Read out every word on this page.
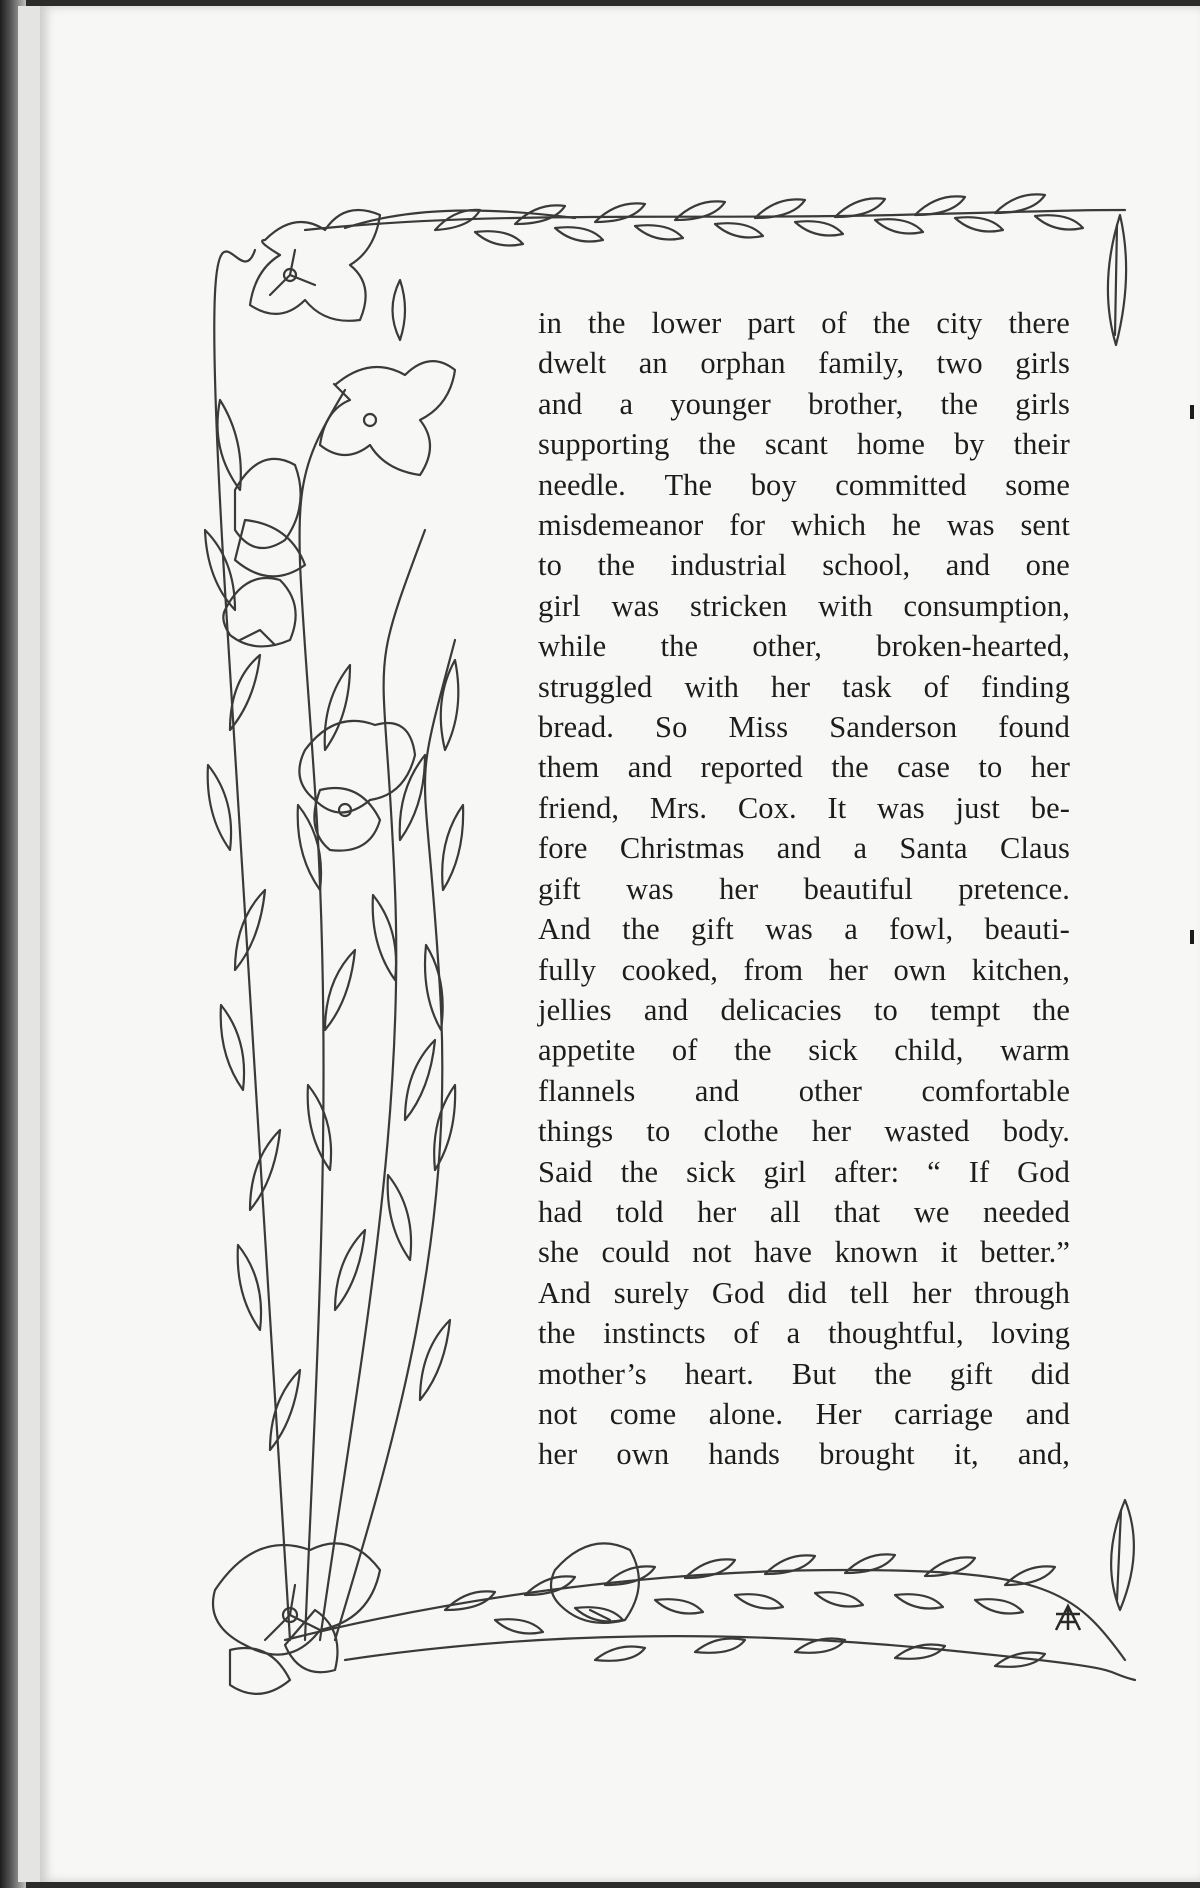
in the lower part of the city there
dwelt an orphan family, two girls
and a younger brother, the girls
supporting the scant home by their
needle. The boy committed some
misdemeanor for which he was sent
to the industrial school, and one
girl was stricken with consumption,
while the other, broken-hearted,
struggled with her task of finding
bread. So Miss Sanderson found
them and reported the case to her
friend, Mrs. Cox. It was just be-
fore Christmas and a Santa Claus
gift was her beautiful pretence.
And the gift was a fowl, beauti-
fully cooked, from her own kitchen,
jellies and delicacies to tempt the
appetite of the sick child, warm
flannels and other comfortable
things to clothe her wasted body.
Said the sick girl after: “ If God
had told her all that we needed
she could not have known it better.”
And surely God did tell her through
the instincts of a thoughtful, loving
mother’s heart. But the gift did
not come alone. Her carriage and
her own hands brought it, and,
